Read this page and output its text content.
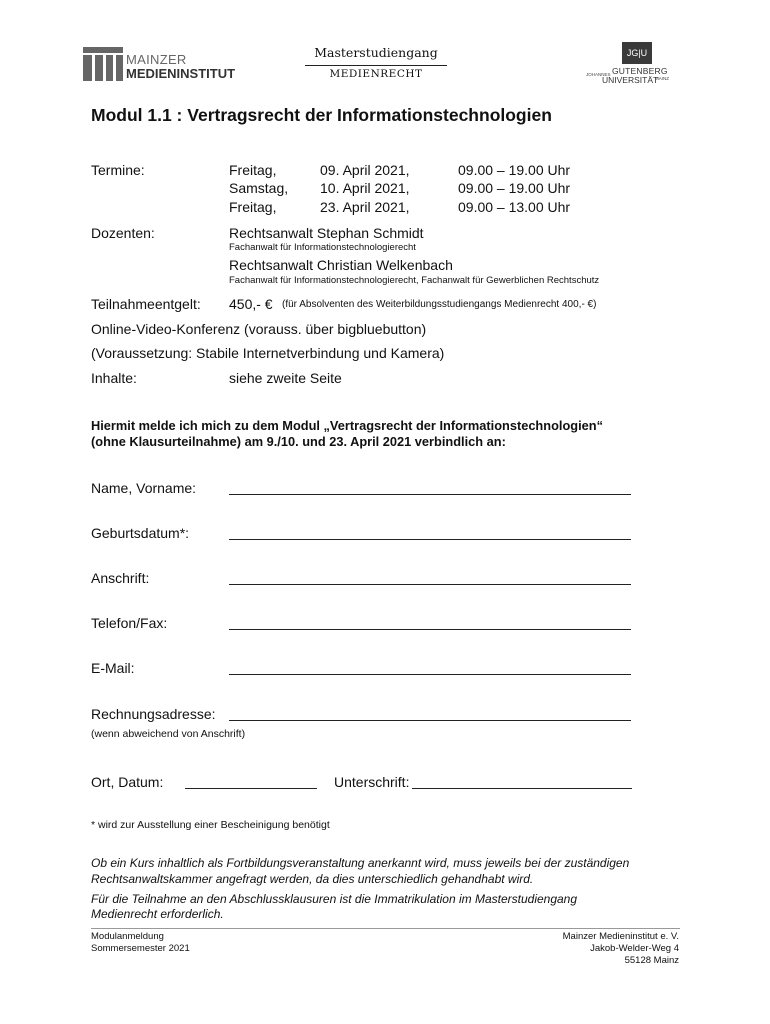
MAINZER
MEDIENINSTITUT
Masterstudiengang
MEDIENRECHT
JG|U
JOHANNES GUTENBERG
UNIVERSITÄT
MAINZ
Modul 1.1 : Vertragsrecht der Informationstechnologien
Termine:	Freitag,	09. April 2021,	09.00 – 19.00 Uhr
Samstag, 10. April 2021,	09.00 – 19.00 Uhr
Freitag,	23. April 2021,	09.00 – 13.00 Uhr
Dozenten:	Rechtsanwalt Stephan Schmidt
Fachanwalt für Informationstechnologierecht
Rechtsanwalt Christian Welkenbach
Fachanwalt für Informationstechnologierecht, Fachanwalt für Gewerblichen Rechtschutz
Teilnahmeentgelt: 450,- € (für Absolventen des Weiterbildungsstudiengangs Medienrecht 400,- €)
Online-Video-Konferenz (vorauss. über bigbluebutton)
(Voraussetzung: Stabile Internetverbindung und Kamera)
Inhalte:	siehe zweite Seite
Hiermit melde ich mich zu dem Modul „Vertragsrecht der Informationstechnologien“
(ohne Klausurteilnahme) am 9./10. und 23. April 2021 verbindlich an:
Name, Vorname:
Geburtsdatum*:
Anschrift:
Telefon/Fax:
E-Mail:
Rechnungsadresse:
(wenn abweichend von Anschrift)
Ort, Datum:	Unterschrift:
* wird zur Ausstellung einer Bescheinigung benötigt
Ob ein Kurs inhaltlich als Fortbildungsveranstaltung anerkannt wird, muss jeweils bei der zuständigen
Rechtsanwaltskammer angefragt werden, da dies unterschiedlich gehandhabt wird.
Für die Teilnahme an den Abschlussklausuren ist die Immatrikulation im Masterstudiengang
Medienrecht erforderlich.
Modulanmeldung
Sommersemester 2021
Mainzer Medieninstitut e. V.
Jakob-Welder-Weg 4
55128 Mainz
